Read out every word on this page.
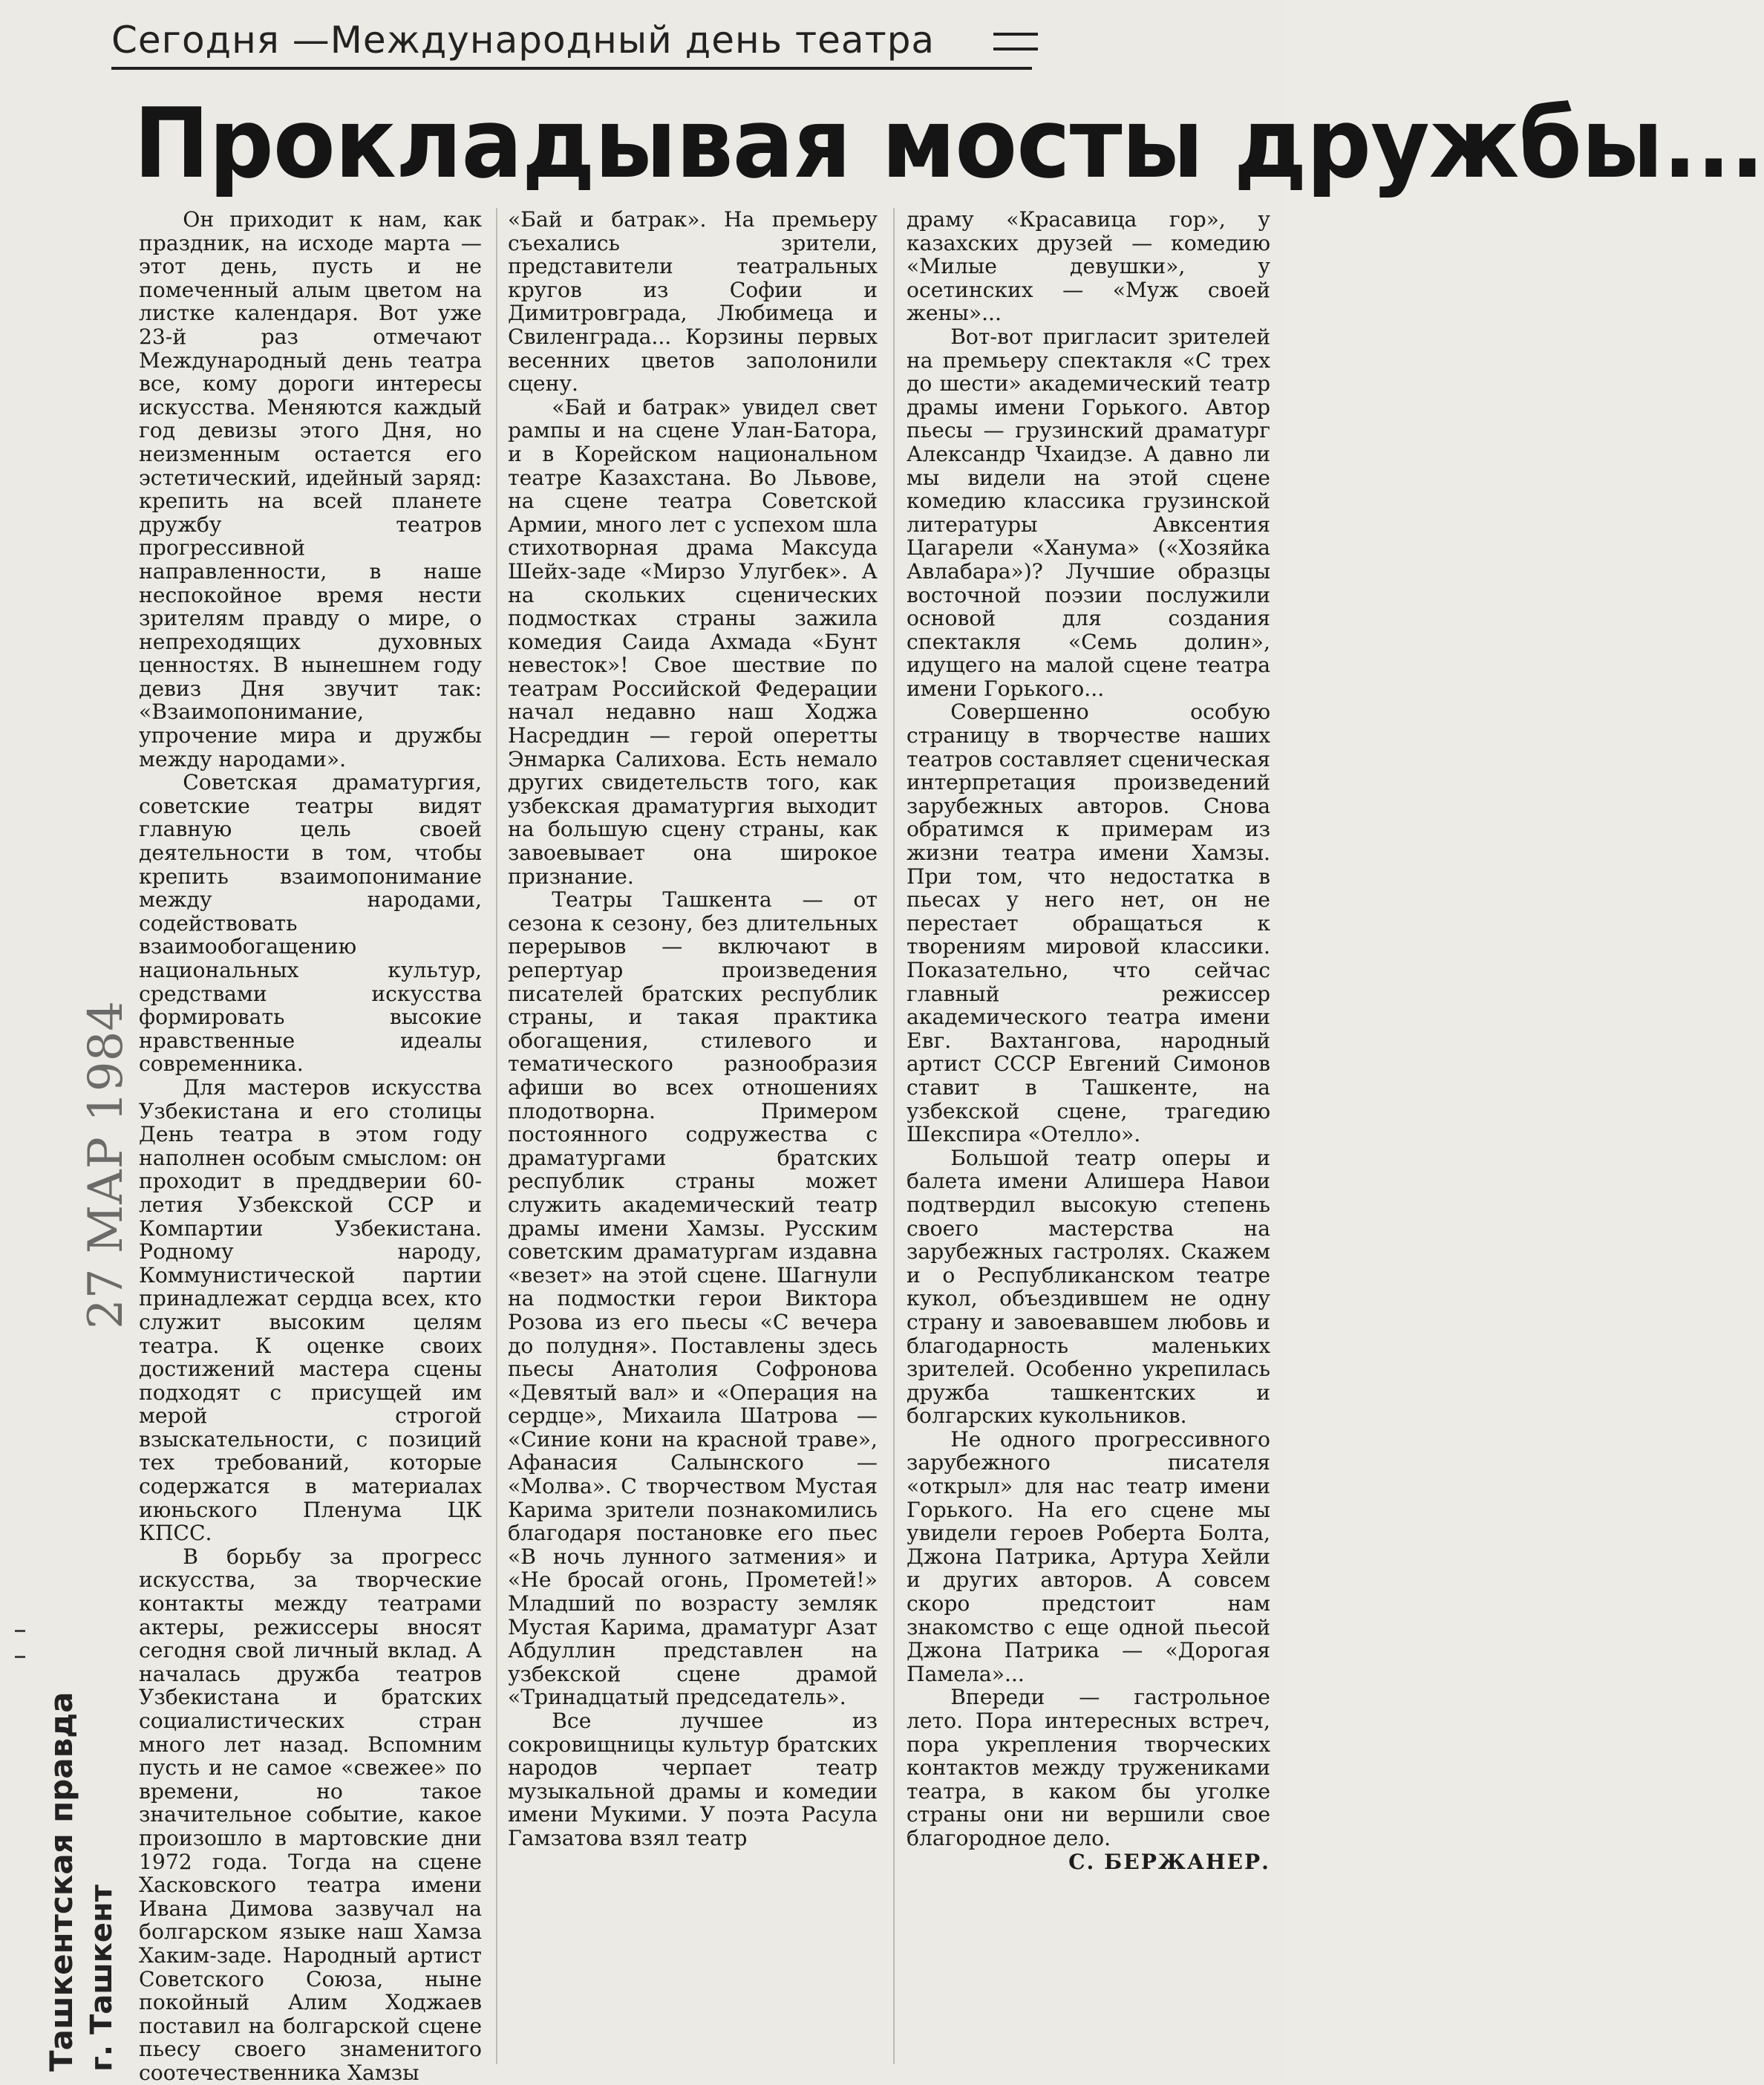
Сегодня —Международный день театра
Прокладывая мосты дружбы...

Он приходит к нам, как праздник, на исходе марта — этот день, пусть и не помеченный алым цветом на листке календаря. Вот уже 23-й раз отмечают Международный день театра все, кому дороги интересы искусства. Меняются каждый год девизы этого Дня, но неизменным остается его эстетический, идейный заряд: крепить на всей планете дружбу театров прогрессивной направленности, в наше неспокойное время нести зрителям правду о мире, о непреходящих духовных ценностях. В нынешнем году девиз Дня звучит так: «Взаимопонимание, упрочение мира и дружбы между народами».

Советская драматургия, советские театры видят главную цель своей деятельности в том, чтобы крепить взаимопонимание между народами, содействовать взаимообогащению национальных культур, средствами искусства формировать высокие нравственные идеалы современника.

Для мастеров искусства Узбекистана и его столицы День театра в этом году наполнен особым смыслом: он проходит в преддверии 60-летия Узбекской ССР и Компартии Узбекистана. Родному народу, Коммунистической партии принадлежат сердца всех, кто служит высоким целям театра. К оценке своих достижений мастера сцены подходят с присущей им мерой строгой взыскательности, с позиций тех требований, которые содержатся в материалах июньского Пленума ЦК КПСС.

В борьбу за прогресс искусства, за творческие контакты между театрами актеры, режиссеры вносят сегодня свой личный вклад. А началась дружба театров Узбекистана и братских социалистических стран много лет назад. Вспомним пусть и не самое «свежее» по времени, но такое значительное событие, какое произошло в мартовские дни 1972 года. Тогда на сцене Хасковского театра имени Ивана Димова зазвучал на болгарском языке наш Хамза Хаким-заде. Народный артист Советского Союза, ныне покойный Алим Ходжаев поставил на болгарской сцене пьесу своего знаменитого соотечественника Хамзы

«Бай и батрак». На премьеру съехались зрители, представители театральных кругов из Софии и Димитровграда, Любимеца и Свиленграда... Корзины первых весенних цветов заполонили сцену.

«Бай и батрак» увидел свет рампы и на сцене Улан-Батора, и в Корейском национальном театре Казахстана. Во Львове, на сцене театра Советской Армии, много лет с успехом шла стихотворная драма Максуда Шейх-заде «Мирзо Улугбек». А на скольких сценических подмостках страны зажила комедия Саида Ахмада «Бунт невесток»! Свое шествие по театрам Российской Федерации начал недавно наш Ходжа Насреддин — герой оперетты Энмарка Салихова. Есть немало других свидетельств того, как узбекская драматургия выходит на большую сцену страны, как завоевывает она широкое признание.

Театры Ташкента — от сезона к сезону, без длительных перерывов — включают в репертуар произведения писателей братских республик страны, и такая практика обогащения, стилевого и тематического разнообразия афиши во всех отношениях плодотворна. Примером постоянного содружества с драматургами братских республик страны может служить академический театр драмы имени Хамзы. Русским советским драматургам издавна «везет» на этой сцене. Шагнули на подмостки герои Виктора Розова из его пьесы «С вечера до полудня». Поставлены здесь пьесы Анатолия Софронова «Девятый вал» и «Операция на сердце», Михаила Шатрова — «Синие кони на красной траве», Афанасия Салынского — «Молва». С творчеством Мустая Карима зрители познакомились благодаря постановке его пьес «В ночь лунного затмения» и «Не бросай огонь, Прометей!» Младший по возрасту земляк Мустая Карима, драматург Азат Абдуллин представлен на узбекской сцене драмой «Тринадцатый председатель».

Все лучшее из сокровищницы культур братских народов черпает театр музыкальной драмы и комедии имени Мукими. У поэта Расула Гамзатова взял театр

драму «Красавица гор», у казахских друзей — комедию «Милые девушки», у осетинских — «Муж своей жены»...

Вот-вот пригласит зрителей на премьеру спектакля «С трех до шести» академический театр драмы имени Горького. Автор пьесы — грузинский драматург Александр Чхаидзе. А давно ли мы видели на этой сцене комедию классика грузинской литературы Авксентия Цагарели «Ханума» («Хозяйка Авлабара»)? Лучшие образцы восточной поэзии послужили основой для создания спектакля «Семь долин», идущего на малой сцене театра имени Горького...

Совершенно особую страницу в творчестве наших театров составляет сценическая интерпретация произведений зарубежных авторов. Снова обратимся к примерам из жизни театра имени Хамзы. При том, что недостатка в пьесах у него нет, он не перестает обращаться к творениям мировой классики. Показательно, что сейчас главный режиссер академического театра имени Евг. Вахтангова, народный артист СССР Евгений Симонов ставит в Ташкенте, на узбекской сцене, трагедию Шекспира «Отелло».

Большой театр оперы и балета имени Алишера Навои подтвердил высокую степень своего мастерства на зарубежных гастролях. Скажем и о Республиканском театре кукол, объездившем не одну страну и завоевавшем любовь и благодарность маленьких зрителей. Особенно укрепилась дружба ташкентских и болгарских кукольников.

Не одного прогрессивного зарубежного писателя «открыл» для нас театр имени Горького. На его сцене мы увидели героев Роберта Болта, Джона Патрика, Артура Хейли и других авторов. А совсем скоро предстоит нам знакомство с еще одной пьесой Джона Патрика — «Дорогая Памела»...

Впереди — гастрольное лето. Пора интересных встреч, пора укрепления творческих контактов между тружениками театра, в каком бы уголке страны они ни вершили свое благородное дело.

С. БЕРЖАНЕР.

27 МАР 1984
Ташкентская правда г. Ташкент
